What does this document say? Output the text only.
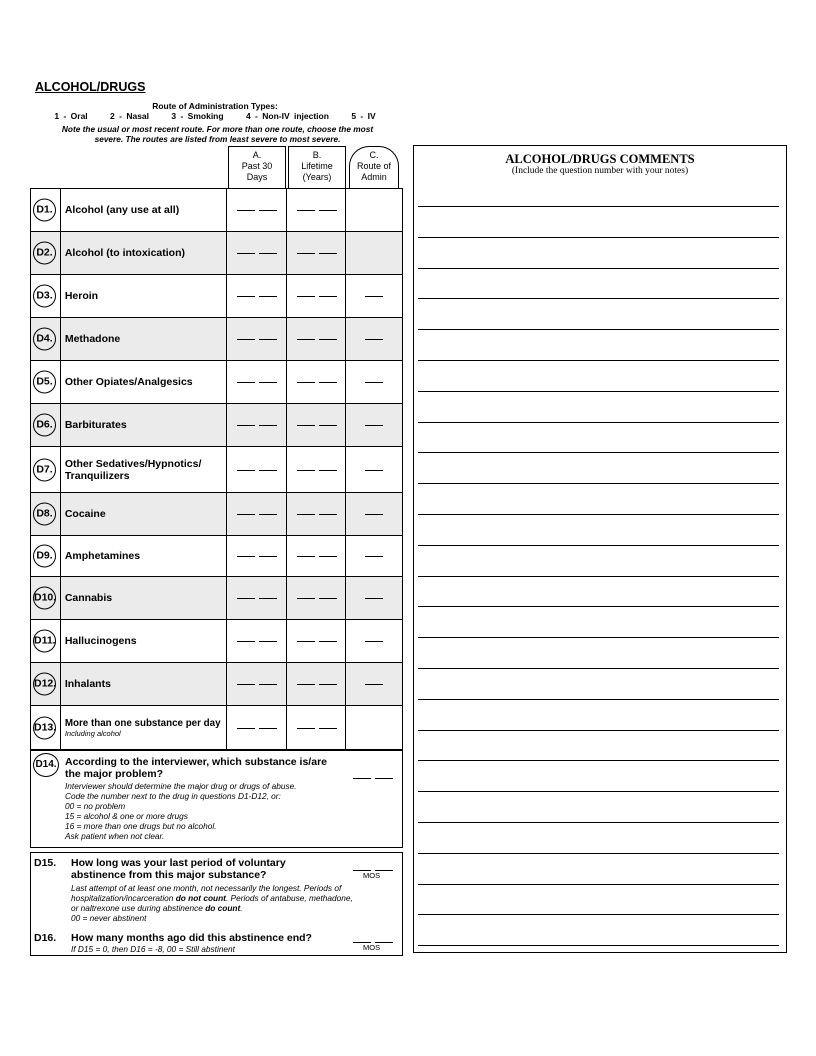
ALCOHOL/DRUGS
Route of Administration Types:
1 - Oral	2 - Nasal	3 - Smoking	4 - Non-IV injection	5 - IV
Note the usual or most recent route. For more than one route, choose the most
severe. The routes are listed from least severe to most severe.
A.
Past 30
Days
B.
Lifetime
(Years)
C.
Route of
Admin
D1.	Alcohol (any use at all)
D2.	Alcohol (to intoxication)
D3.	Heroin
D4.	Methadone
D5.	Other Opiates/Analgesics
D6.	Barbiturates
D7.	Other Sedatives/Hypnotics/ Tranquilizers
D8.	Cocaine
D9.	Amphetamines
D10. Cannabis
D11. Hallucinogens
D12. Inhalants
D13. More than one substance per day
Including alcohol
D14. According to the interviewer, which substance is/are
the major problem?
Interviewer should determine the major drug or drugs of abuse.
Code the number next to the drug in questions D1-D12, or:
00 = no problem
15 = alcohol & one or more drugs
16 = more than one drugs but no alcohol.
Ask patient when not clear.
D15. How long was your last period of voluntary
abstinence from this major substance?	MOS
Last attempt of at least one month, not necessarily the longest. Periods of
hospitalization/incarceration do not count. Periods of antabuse, methadone,
or naltrexone use during abstinence do count.
00 = never abstinent
D16. How many months ago did this abstinence end?
If D15 = 0, then D16 = -8, 00 = Still abstinent	MOS
ALCOHOL/DRUGS COMMENTS
(Include the question number with your notes)
